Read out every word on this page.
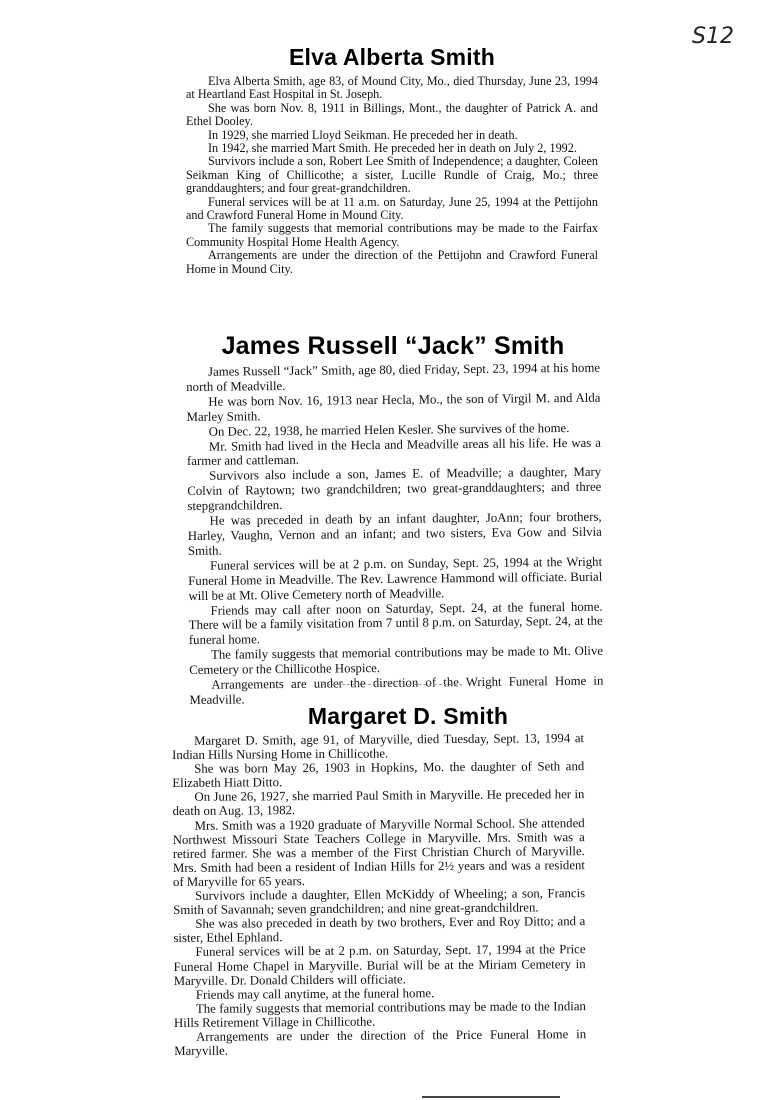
S12
Elva Alberta Smith

Elva Alberta Smith, age 83, of Mound City, Mo., died Thursday, June 23, 1994 at Heartland East Hospital in St. Joseph.

She was born Nov. 8, 1911 in Billings, Mont., the daughter of Patrick A. and Ethel Dooley.

In 1929, she married Lloyd Seikman. He preceded her in death.

In 1942, she married Mart Smith. He preceded her in death on July 2, 1992.

Survivors include a son, Robert Lee Smith of Independence; a daughter, Coleen Seikman King of Chillicothe; a sister, Lucille Rundle of Craig, Mo.; three granddaughters; and four great-grandchildren.

Funeral services will be at 11 a.m. on Saturday, June 25, 1994 at the Pettijohn and Crawford Funeral Home in Mound City.

The family suggests that memorial contributions may be made to the Fairfax Community Hospital Home Health Agency.

Arrangements are under the direction of the Pettijohn and Crawford Funeral Home in Mound City.

James Russell “Jack” Smith

James Russell “Jack” Smith, age 80, died Friday, Sept. 23, 1994 at his home north of Meadville.

He was born Nov. 16, 1913 near Hecla, Mo., the son of Virgil M. and Alda Marley Smith.

On Dec. 22, 1938, he married Helen Kesler. She survives of the home.

Mr. Smith had lived in the Hecla and Meadville areas all his life. He was a farmer and cattleman.

Survivors also include a son, James E. of Meadville; a daughter, Mary Colvin of Raytown; two grandchildren; two great-granddaughters; and three stepgrandchildren.

He was preceded in death by an infant daughter, JoAnn; four brothers, Harley, Vaughn, Vernon and an infant; and two sisters, Eva Gow and Silvia Smith.

Funeral services will be at 2 p.m. on Sunday, Sept. 25, 1994 at the Wright Funeral Home in Meadville. The Rev. Lawrence Hammond will officiate. Burial will be at Mt. Olive Cemetery north of Meadville.

Friends may call after noon on Saturday, Sept. 24, at the funeral home. There will be a family visitation from 7 until 8 p.m. on Saturday, Sept. 24, at the funeral home.

The family suggests that memorial contributions may be made to Mt. Olive Cemetery or the Chillicothe Hospice.

Arrangements are under the direction of the Wright Funeral Home in Meadville.

Margaret D. Smith

Margaret D. Smith, age 91, of Maryville, died Tuesday, Sept. 13, 1994 at Indian Hills Nursing Home in Chillicothe.

She was born May 26, 1903 in Hopkins, Mo. the daughter of Seth and Elizabeth Hiatt Ditto.

On June 26, 1927, she married Paul Smith in Maryville. He preceded her in death on Aug. 13, 1982.

Mrs. Smith was a 1920 graduate of Maryville Normal School. She attended Northwest Missouri State Teachers College in Maryville. Mrs. Smith was a retired farmer. She was a member of the First Christian Church of Maryville. Mrs. Smith had been a resident of Indian Hills for 2½ years and was a resident of Maryville for 65 years.

Survivors include a daughter, Ellen McKiddy of Wheeling; a son, Francis Smith of Savannah; seven grandchildren; and nine great-grandchildren.

She was also preceded in death by two brothers, Ever and Roy Ditto; and a sister, Ethel Ephland.

Funeral services will be at 2 p.m. on Saturday, Sept. 17, 1994 at the Price Funeral Home Chapel in Maryville. Burial will be at the Miriam Cemetery in Maryville. Dr. Donald Childers will officiate.

Friends may call anytime, at the funeral home.

The family suggests that memorial contributions may be made to the Indian Hills Retirement Village in Chillicothe.

Arrangements are under the direction of the Price Funeral Home in Maryville.
